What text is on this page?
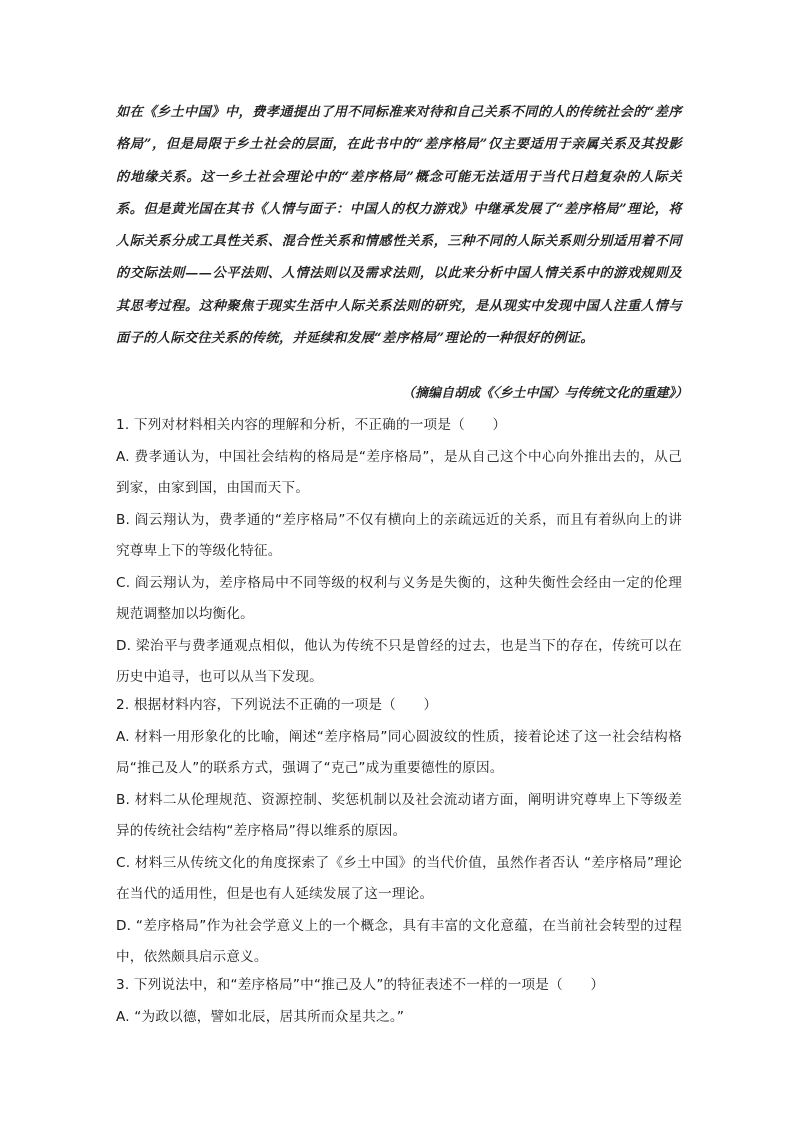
如在《乡土中国》中，费孝通提出了用不同标准来对待和自己关系不同的人的传统社会的“差序格局”，但是局限于乡土社会的层面，在此书中的“差序格局”仅主要适用于亲属关系及其投影的地缘关系。这一乡土社会理论中的“差序格局”概念可能无法适用于当代日趋复杂的人际关系。但是黄光国在其书《人情与面子：中国人的权力游戏》中继承发展了“差序格局”理论，将人际关系分成工具性关系、混合性关系和情感性关系，三种不同的人际关系则分别适用着不同的交际法则——公平法则、人情法则以及需求法则，以此来分析中国人情关系中的游戏规则及其思考过程。这种聚焦于现实生活中人际关系法则的研究，是从现实中发现中国人注重人情与面子的人际交往关系的传统，并延续和发展“差序格局”理论的一种很好的例证。
（摘编自胡成《〈乡土中国〉与传统文化的重建》）

1. 下列对材料相关内容的理解和分析，不正确的一项是（　　）

A. 费孝通认为，中国社会结构的格局是“差序格局”，是从自己这个中心向外推出去的，从己到家，由家到国，由国而天下。

B. 阎云翔认为，费孝通的“差序格局”不仅有横向上的亲疏远近的关系，而且有着纵向上的讲究尊卑上下的等级化特征。

C. 阎云翔认为，差序格局中不同等级的权利与义务是失衡的，这种失衡性会经由一定的伦理规范调整加以均衡化。

D. 梁治平与费孝通观点相似，他认为传统不只是曾经的过去，也是当下的存在，传统可以在历史中追寻，也可以从当下发现。

2. 根据材料内容，下列说法不正确的一项是（　　）

A. 材料一用形象化的比喻，阐述“差序格局”同心圆波纹的性质，接着论述了这一社会结构格局“推己及人”的联系方式，强调了“克己”成为重要德性的原因。

B. 材料二从伦理规范、资源控制、奖惩机制以及社会流动诸方面，阐明讲究尊卑上下等级差异的传统社会结构“差序格局”得以维系的原因。

C. 材料三从传统文化的角度探索了《乡土中国》的当代价值，虽然作者否认 “差序格局”理论在当代的适用性，但是也有人延续发展了这一理论。

D. “差序格局”作为社会学意义上的一个概念，具有丰富的文化意蕴，在当前社会转型的过程中，依然颇具启示意义。

3. 下列说法中，和“差序格局”中“推己及人”的特征表述不一样的一项是（　　）

A. “为政以德，譬如北辰，居其所而众星共之。”
